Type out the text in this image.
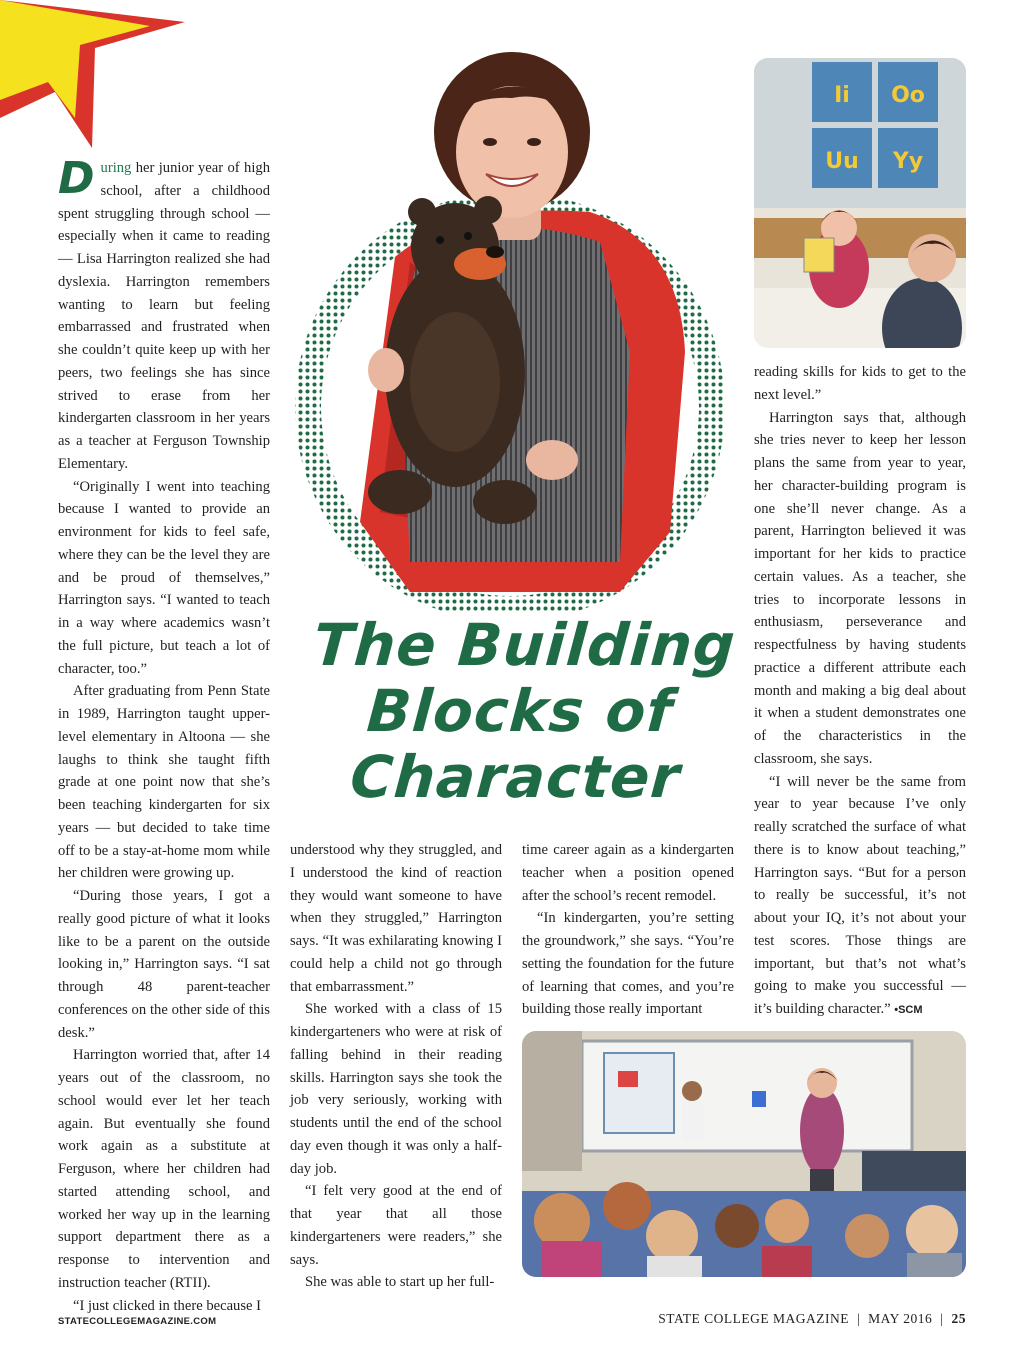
During her junior year of high school, after a childhood spent struggling through school — especially when it came to reading — Lisa Harrington realized she had dyslexia. Harrington remembers wanting to learn but feeling embarrassed and frustrated when she couldn’t quite keep up with her peers, two feelings she has since strived to erase from her kindergarten classroom in her years as a teacher at Ferguson Township Elementary.

“Originally I went into teaching because I wanted to provide an environment for kids to feel safe, where they can be the level they are and be proud of themselves,” Harrington says. “I wanted to teach in a way where academics wasn’t the full picture, but teach a lot of character, too.”

After graduating from Penn State in 1989, Harrington taught upper-level elementary in Altoona — she laughs to think she taught fifth grade at one point now that she’s been teaching kindergarten for six years — but decided to take time off to be a stay-at-home mom while her children were growing up.

“During those years, I got a really good picture of what it looks like to be a parent on the outside looking in,” Harrington says. “I sat through 48 parent-teacher conferences on the other side of this desk.”

Harrington worried that, after 14 years out of the classroom, no school would ever let her teach again. But eventually she found work again as a substitute at Ferguson, where her children had started attending school, and worked her way up in the learning support department there as a response to intervention and instruction teacher (RTII).

“I just clicked in there because I

The Building
Blocks of
Character
Ii Oo
Uu Yy

understood why they struggled, and I understood the kind of reaction they would want someone to have when they struggled,” Harrington says. “It was exhilarating knowing I could help a child not go through that embarrassment.”

She worked with a class of 15 kindergarteners who were at risk of falling behind in their reading skills. Harrington says she took the job very seriously, working with students until the end of the school day even though it was only a half-day job.

“I felt very good at the end of that year that all those kindergarteners were readers,” she says.

She was able to start up her full-

time career again as a kindergarten teacher when a position opened after the school’s recent remodel.

“In kindergarten, you’re setting the groundwork,” she says. “You’re setting the foundation for the future of learning that comes, and you’re building those really important

reading skills for kids to get to the next level.”

Harrington says that, although she tries never to keep her lesson plans the same from year to year, her character-building program is one she’ll never change. As a parent, Harrington believed it was important for her kids to practice certain values. As a teacher, she tries to incorporate lessons in enthusiasm, perseverance and respectfulness by having students practice a different attribute each month and making a big deal about it when a student demonstrates one of the characteristics in the classroom, she says.

“I will never be the same from year to year because I’ve only really scratched the surface of what there is to know about teaching,” Harrington says. “But for a person to really be successful, it’s not about your IQ, it’s not about your test scores. Those things are important, but that’s not what’s going to make you successful — it’s building character.” •SCM

STATECOLLEGEMAGAZINE.COM	STATE COLLEGE MAGAZINE | MAY 2016 | 25
